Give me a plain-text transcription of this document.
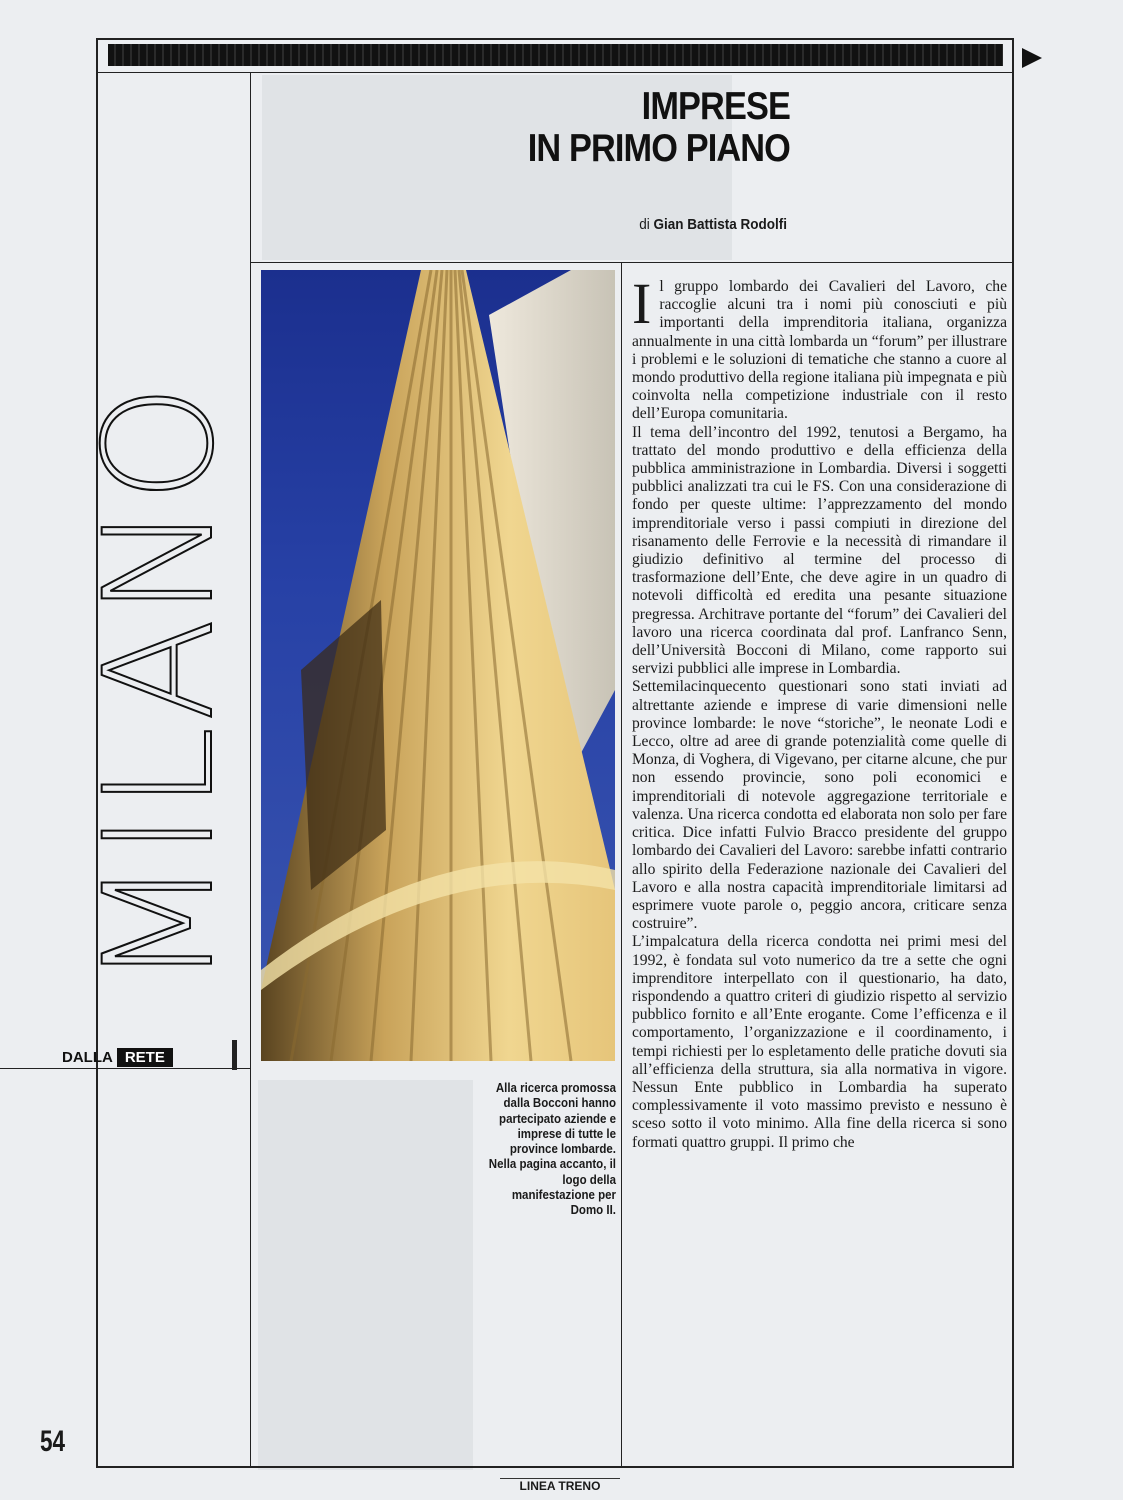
IMPRESE
IN PRIMO PIANO
di Gian Battista Rodolfi
MILANO
DALLA RETE
Alla ricerca promossa dalla Bocconi hanno partecipato aziende e imprese di tutte le province lombarde. Nella pagina accanto, il logo della manifestazione per Domo II.

Il gruppo lombardo dei Cavalieri del Lavoro, che raccoglie alcuni tra i nomi più conosciuti e più importanti della imprenditoria italiana, organizza annualmente in una città lombarda un “forum” per illustrare i problemi e le soluzioni di tematiche che stanno a cuore al mondo produttivo della regione italiana più impegnata e più coinvolta nella competizione industriale con il resto dell’Europa comunitaria.

Il tema dell’incontro del 1992, tenutosi a Bergamo, ha trattato del mondo produttivo e della efficienza della pubblica amministrazione in Lombardia. Diversi i soggetti pubblici analizzati tra cui le FS. Con una considerazione di fondo per queste ultime: l’apprezzamento del mondo imprenditoriale verso i passi compiuti in direzione del risanamento delle Ferrovie e la necessità di rimandare il giudizio definitivo al termine del processo di trasformazione dell’Ente, che deve agire in un quadro di notevoli difficoltà ed eredita una pesante situazione pregressa. Architrave portante del “forum” dei Cavalieri del lavoro una ricerca coordinata dal prof. Lanfranco Senn, dell’Università Bocconi di Milano, come rapporto sui servizi pubblici alle imprese in Lombardia.

Settemilacinquecento questionari sono stati inviati ad altrettante aziende e imprese di varie dimensioni nelle province lombarde: le nove “storiche”, le neonate Lodi e Lecco, oltre ad aree di grande potenzialità come quelle di Monza, di Voghera, di Vigevano, per citarne alcune, che pur non essendo provincie, sono poli economici e imprenditoriali di notevole aggregazione territoriale e valenza. Una ricerca condotta ed elaborata non solo per fare critica. Dice infatti Fulvio Bracco presidente del gruppo lombardo dei Cavalieri del Lavoro: sarebbe infatti contrario allo spirito della Federazione nazionale dei Cavalieri del Lavoro e alla nostra capacità imprenditoriale limitarsi ad esprimere vuote parole o, peggio ancora, criticare senza costruire”.

L’impalcatura della ricerca condotta nei primi mesi del 1992, è fondata sul voto numerico da tre a sette che ogni imprenditore interpellato con il questionario, ha dato, rispondendo a quattro criteri di giudizio rispetto al servizio pubblico fornito e all’Ente erogante. Come l’efficenza e il comportamento, l’organizzazione e il coordinamento, i tempi richiesti per lo espletamento delle pratiche dovuti sia all’efficienza della struttura, sia alla normativa in vigore. Nessun Ente pubblico in Lombardia ha superato complessivamente il voto massimo previsto e nessuno è sceso sotto il voto minimo. Alla fine della ricerca si sono formati quattro gruppi. Il primo che

54
LINEA TRENO
